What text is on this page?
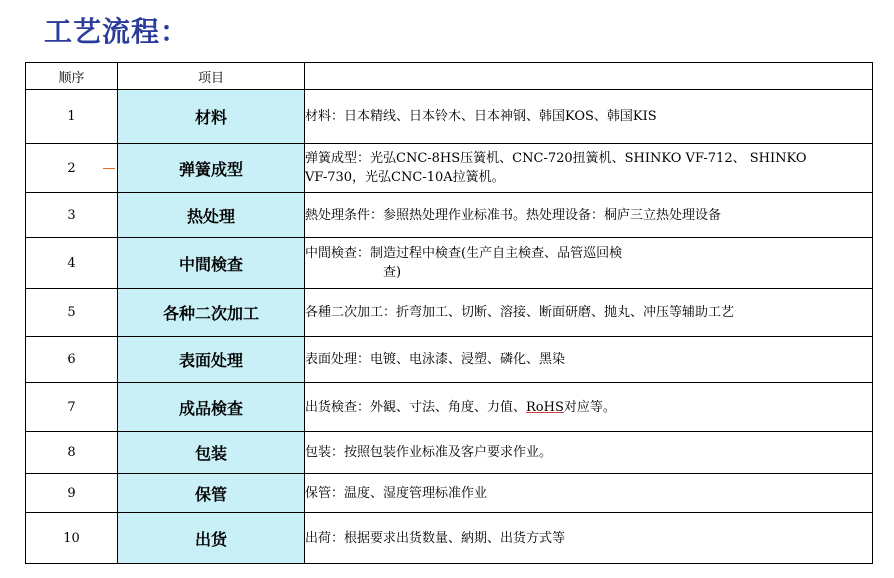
工艺流程：
顺序	项目	
1	材料	材料：日本精线、日本铃木、日本神钢、韩国KOS、韩国KIS

2	弹簧成型	弹簧成型：光弘CNC-8HS压簧机、CNC-720扭簧机、SHINKO VF-712、 SHINKO
VF-730，光弘CNC-10A拉簧机。

3	热处理	熱处理条件：参照热处理作业标准书。热处理设备：桐庐三立热处理设备

4	中間検查	中間検查：制造过程中検查(生产自主検查、品管巡回検
查)

5	各种二次加工	各種二次加工：折弯加工、切断、溶接、断面研磨、抛丸、冲压等辅助工艺

6	表面处理	表面处理：电镀、电泳漆、浸塑、磷化、黑染

7	成品検查	出货検查：外観、寸法、角度、力值、RoHS对应等。

8	包装	包装：按照包装作业标准及客户要求作业。

9	保管	保管：温度、湿度管理标准作业

10	出货	出荷：根据要求出货数量、納期、出货方式等
